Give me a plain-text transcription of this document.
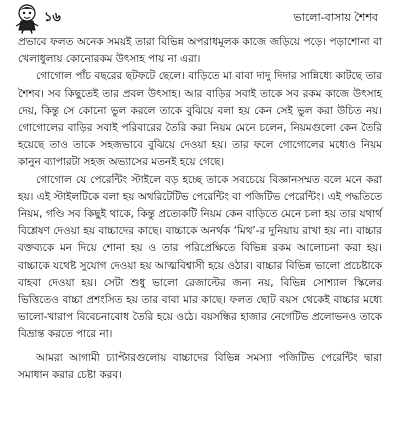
১৬	ভালো-বাসায় শৈশব

প্রভাবে ফলত অনেক সময়ই তারা বিভিন্ন অপরাধমূলক কাজে জড়িয়ে পড়ে। পড়াশোনা বা খেলাধুলায় কোনোরকম উৎসাহ পায় না এরা।

গোগোল পাঁচ বছরের ছটফটে ছেলে। বাড়িতে মা বাবা দাদু দিদার সান্নিধ্যে কাটছে তার শৈশব। সব কিছুতেই তার প্রবল উৎসাহ। আর বাড়ির সবাই তাকে সব রকম কাজে উৎসাহ দেয়, কিন্তু সে কোনো ভুল করলে তাকে বুঝিয়ে বলা হয় কেন সেই ভুল করা উচিত নয়। গোগোলের বাড়ির সবাই পরিবারের তৈরি করা নিয়ম মেনে চলেন, নিয়মগুলো কেন তৈরি হয়েছে তাও তাকে সহজভাবে বুঝিয়ে দেওয়া হয়। তার ফলে গোগোলের মধ্যেও নিয়ম কানুন ব্যাপারটা সহজ অভ্যাসের মতনই হয়ে গেছে।

গোগোল যে পেরেন্টিং স্টাইলে বড় হচ্ছে তাকে সবচেয়ে বিজ্ঞানসম্মত বলে মনে করা হয়। এই স্টাইলটিকে বলা হয় অথরিটেটিভ পেরেন্টিং বা পজিটিভ পেরেন্টিং। এই পদ্ধতিতে নিয়ম, গণ্ডি সব কিছুই থাকে, কিন্তু প্রত্যেকটি নিয়ম কেন বাড়িতে মেনে চলা হয় তার যথার্থ বিশ্লেষণ দেওয়া হয় বাচ্চাদের কাছে। বাচ্চাকে অনর্থক ‘মিথ’-র দুনিয়ায় রাখা হয় না। বাচ্চার বক্তব্যকে মন দিয়ে শোনা হয় ও তার পরিপ্রেক্ষিতে বিভিন্ন রকম আলোচনা করা হয়। বাচ্চাকে যথেষ্ট সুযোগ দেওয়া হয় আত্মবিশ্বাসী হয়ে ওঠার। বাচ্চার বিভিন্ন ভালো প্রচেষ্টাকে বাহবা দেওয়া হয়। সেটা শুধু ভালো রেজাল্টের জন্য নয়, বিভিন্ন সোশ্যাল স্কিলের ভিত্তিতেও বাচ্চা প্রশংসিত হয় তার বাবা মার কাছে। ফলত ছোট বয়স থেকেই বাচ্চার মধ্যে ভালো-খারাপ বিবেচনাবোধ তৈরি হয়ে ওঠে। বয়সন্ধির হাজার নেগেটিভ প্রলোভনও তাকে বিভ্রান্ত করতে পারে না।

আমরা আগামী চ্যাপ্টারগুলোয় বাচ্চাদের বিভিন্ন সমস্যা পজিটিভ পেরেন্টিং দ্বারা সমাধান করার চেষ্টা করব।
